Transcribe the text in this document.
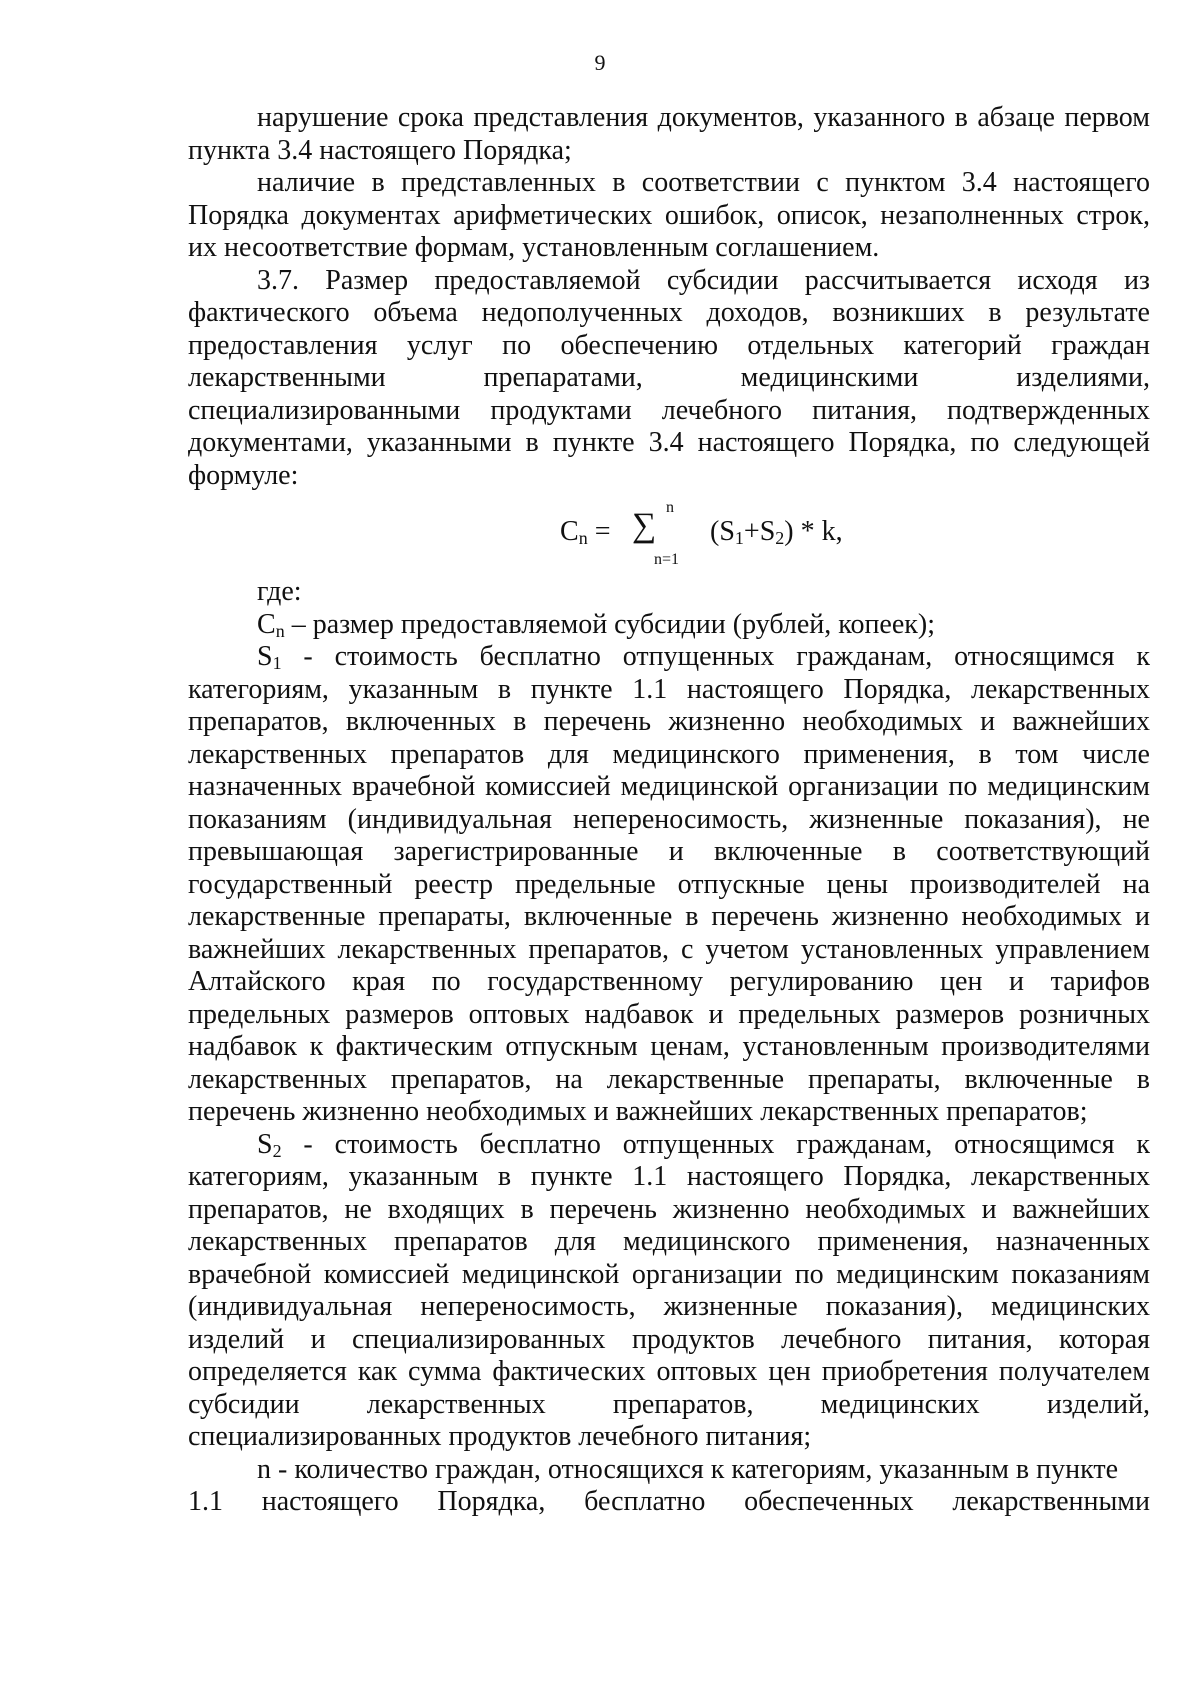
9

нарушение срока представления документов, указанного в абзаце первом пункта 3.4 настоящего Порядка;

наличие в представленных в соответствии с пунктом 3.4 настоящего Порядка документах арифметических ошибок, описок, незаполненных строк, их несоответствие формам, установленным соглашением.

3.7. Размер предоставляемой субсидии рассчитывается исходя из фактического объема недополученных доходов, возникших в результате предоставления услуг по обеспечению отдельных категорий граждан лекарственными препаратами, медицинскими изделиями, специализированными продуктами лечебного питания, подтвержденных документами, указанными в пункте 3.4 настоящего Порядка, по следующей формуле:

$C_n$ = ∑ n
n=1
$(S_1+S_2) * k$,

где:

$C_n$ – размер предоставляемой субсидии (рублей, копеек);

$S_1$ - стоимость бесплатно отпущенных гражданам, относящимся к категориям, указанным в пункте 1.1 настоящего Порядка, лекарственных препаратов, включенных в перечень жизненно необходимых и важнейших лекарственных препаратов для медицинского применения, в том числе назначенных врачебной комиссией медицинской организации по медицинским показаниям (индивидуальная непереносимость, жизненные показания), не превышающая зарегистрированные и включенные в соответствующий государственный реестр предельные отпускные цены производителей на лекарственные препараты, включенные в перечень жизненно необходимых и важнейших лекарственных препаратов, с учетом установленных управлением Алтайского края по государственному регулированию цен и тарифов предельных размеров оптовых надбавок и предельных размеров розничных надбавок к фактическим отпускным ценам, установленным производителями лекарственных препаратов, на лекарственные препараты, включенные в перечень жизненно необходимых и важнейших лекарственных препаратов;

$S_2$ - стоимость бесплатно отпущенных гражданам, относящимся к категориям, указанным в пункте 1.1 настоящего Порядка, лекарственных препаратов, не входящих в перечень жизненно необходимых и важнейших лекарственных препаратов для медицинского применения, назначенных врачебной комиссией медицинской организации по медицинским показаниям (индивидуальная непереносимость, жизненные показания), медицинских изделий и специализированных продуктов лечебного питания, которая определяется как сумма фактических оптовых цен приобретения получателем субсидии лекарственных препаратов, медицинских изделий, специализированных продуктов лечебного питания;

n - количество граждан, относящихся к категориям, указанным в пункте

1.1 настоящего Порядка, бесплатно обеспеченных лекарственными
